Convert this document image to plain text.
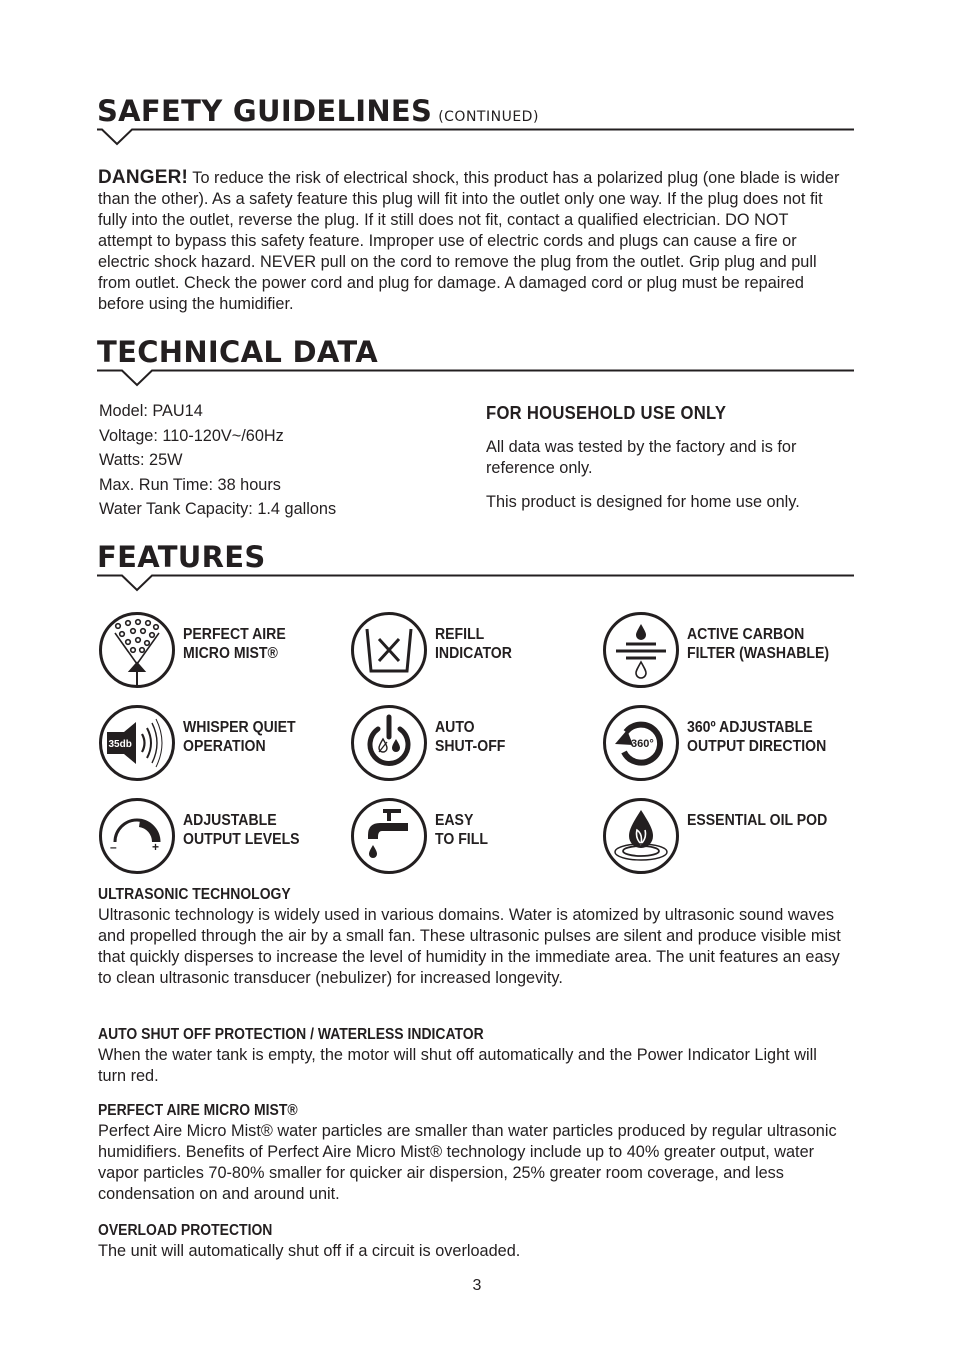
SAFETY GUIDELINES (CONTINUED)

DANGER! To reduce the risk of electrical shock, this product has a polarized plug (one blade is wider than the other). As a safety feature this plug will fit into the outlet only one way. If the plug does not fit fully into the outlet, reverse the plug. If it still does not fit, contact a qualified electrician. DO NOT attempt to bypass this safety feature. Improper use of electric cords and plugs can cause a fire or electric shock hazard. NEVER pull on the cord to remove the plug from the outlet. Grip plug and pull from outlet. Check the power cord and plug for damage. A damaged cord or plug must be repaired before using the humidifier.

TECHNICAL DATA
Model: PAU14
Voltage: 110-120V~/60Hz
Watts: 25W
Max. Run Time: 38 hours
Water Tank Capacity: 1.4 gallons
FOR HOUSEHOLD USE ONLY

All data was tested by the factory and is for reference only.

This product is designed for home use only.

FEATURES
PERFECT AIRE
MICRO MIST®
REFILL
INDICATOR
ACTIVE CARBON
FILTER (WASHABLE)
35db
WHISPER QUIET
OPERATION
AUTO
SHUT-OFF	360°
360º ADJUSTABLE
OUTPUT DIRECTION
–	+
ADJUSTABLE
OUTPUT LEVELS
EASY
TO FILL
ESSENTIAL OIL POD
ULTRASONIC TECHNOLOGY

Ultrasonic technology is widely used in various domains. Water is atomized by ultrasonic sound waves and propelled through the air by a small fan. These ultrasonic pulses are silent and produce visible mist that quickly disperses to increase the level of humidity in the immediate area. The unit features an easy to clean ultrasonic transducer (nebulizer) for increased longevity.

AUTO SHUT OFF PROTECTION / WATERLESS INDICATOR

When the water tank is empty, the motor will shut off automatically and the Power Indicator Light will turn red.

PERFECT AIRE MICRO MIST®

Perfect Aire Micro Mist® water particles are smaller than water particles produced by regular ultrasonic humidifiers. Benefits of Perfect Aire Micro Mist® technology include up to 40% greater output, water vapor particles 70-80% smaller for quicker air dispersion, 25% greater room coverage, and less condensation on and around unit.

OVERLOAD PROTECTION

The unit will automatically shut off if a circuit is overloaded.

3
